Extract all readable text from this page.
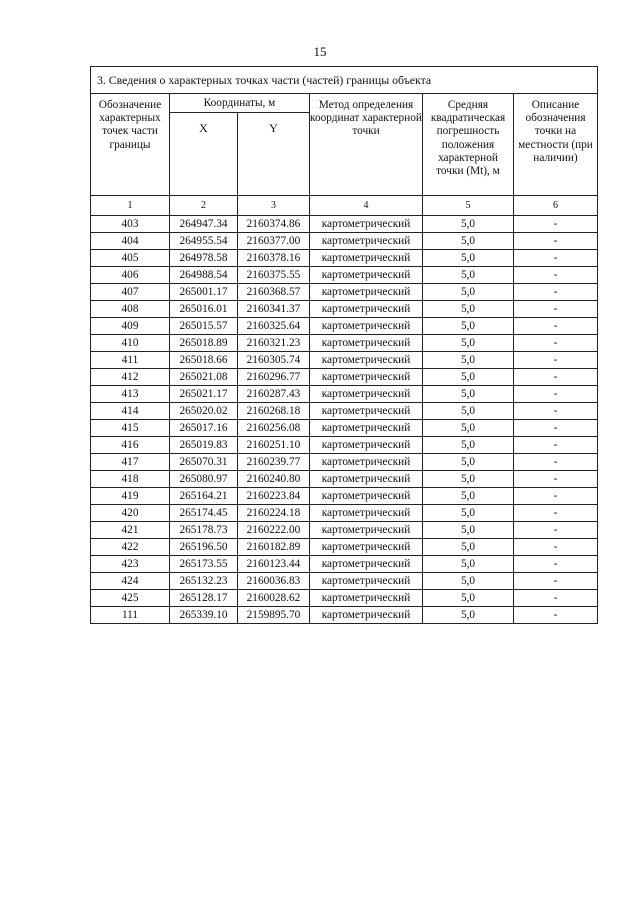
15
3. Сведения о характерных точках части (частей) границы объекта					
Обозначение характерных точек части границы	Координаты, м		Метод определения координат характерной точки	Средняя квадратическая погрешность положения характерной точки (Mt), м	Описание обозначения точки на местности (при наличии)
	X	Y			
1	2	3	4	5	6
403	264947.34	2160374.86	картометрический	5,0	-
404	264955.54	2160377.00	картометрический	5,0	-
405	264978.58	2160378.16	картометрический	5,0	-
406	264988.54	2160375.55	картометрический	5,0	-
407	265001.17	2160368.57	картометрический	5,0	-
408	265016.01	2160341.37	картометрический	5,0	-
409	265015.57	2160325.64	картометрический	5,0	-
410	265018.89	2160321.23	картометрический	5,0	-
411	265018.66	2160305.74	картометрический	5,0	-
412	265021.08	2160296.77	картометрический	5,0	-
413	265021.17	2160287.43	картометрический	5,0	-
414	265020.02	2160268.18	картометрический	5,0	-
415	265017.16	2160256.08	картометрический	5,0	-
416	265019.83	2160251.10	картометрический	5,0	-
417	265070.31	2160239.77	картометрический	5,0	-
418	265080.97	2160240.80	картометрический	5,0	-
419	265164.21	2160223.84	картометрический	5,0	-
420	265174.45	2160224.18	картометрический	5,0	-
421	265178.73	2160222.00	картометрический	5,0	-
422	265196.50	2160182.89	картометрический	5,0	-
423	265173.55	2160123.44	картометрический	5,0	-
424	265132.23	2160036.83	картометрический	5,0	-
425	265128.17	2160028.62	картометрический	5,0	-
111	265339.10	2159895.70	картометрический	5,0	-
